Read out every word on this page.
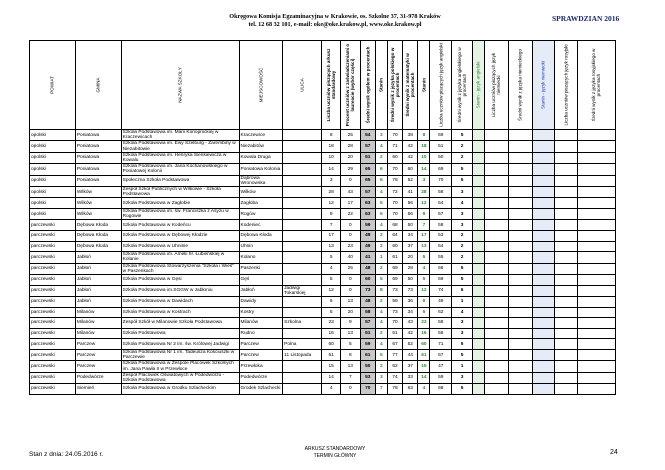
Okręgowa Komisja Egzaminacyjna w Krakowie, os. Szkolne 37, 31-978 Kraków
tel. 12 68 32 101, e-mail: oke@oke.krakow.pl, www.oke.krakow.pl
SPRAWDZIAN 2016
POWIAT	GMINA	NAZWA SZKOŁY	MIEJSCOWOŚĆ	ULICA	Liczba uczniów piszących arkusz standardowy	Procent uczniów z zaświadczeniami o laureacie (wybór części)	Średni wynik ogółem w procentach	Stanin	Średni wynik z języka polskiego w procentach	Średni wynik z matematyki w procentach	Stanin	Liczba uczniów piszących język angielski	Średni wynik z języka angielskiego w procentach	Stanin - język angielski	Liczba uczniów piszących język niemiecki	Średni wynik z języka niemieckiego	Stanin - język niemiecki	Liczba uczniów piszących język rosyjski	Średni wynik z języka rosyjskiego w procentach

opolski	Poniatowa	Szkoła Podstawowa im. Marii Konopnickiej w Kraczewicach	Kraczewice		8	25	54	3	70	38	8	69	5						
opolski	Poniatowa	Szkoła Podstawowa im. Ewy Szelburg - Zarembiny w Niezabitowie	Niezabitów		18	28	57	4	71	42	18	51	2						
opolski	Poniatowa	Szkoła Podstawowa im. Henryka Sienkiewicza w Kowalu	Kowala Druga		10	20	51	2	60	42	10	50	2						
opolski	Poniatowa	Szkoła Podstawowa im. Jana Kochanowskiego w Poniatowej Kolonii	Poniatowa Kolonia		14	29	65	6	70	60	14	69	5						
opolski	Poniatowa	Społeczna Szkoła Podstawowa	Dąbrowa Wronowska		3	0	65	6	78	52	3	70	5						
opolski	Wilków	Zespół Szkół Publicznych w Wilkowie - Szkoła Podstawowa	Wilków		28	43	57	4	72	41	28	58	3						
opolski	Wilków	Szkoła Podstawowa w Zagłobie	Zagłoba		12	17	63	5	70	56	12	64	4						
opolski	Wilków	Szkoła Podstawowa im. św. Franciszka z Asyżu w Rogowie	Rogów		9	22	63	5	70	56	9	57	3						
parczewski	Dębowa Kłoda	Szkoła Podstawowa w Kodeńcu	Kodeniec		7	0	59	4	68	50	7	58	3						
parczewski	Dębowa Kłoda	Szkoła Podstawowa w Dębowej Kłodzie	Dębowa Kłoda		17	0	49	2	64	34	17	53	2						
parczewski	Dębowa Kłoda	Szkoła Podstawowa w Uhninie	Uhnin		13	23	49	2	60	37	13	54	2						
parczewski	Jabłoń	Szkoła Podstawowa im. Amelii hr. Łubieńskiej w Kolanie	Kolano		5	40	41	1	61	20	5	55	2						
parczewski	Jabłoń	Szkoła Podstawowa Stowarzyszenia "Szkoła i Wieś" w Paszenkach	Paszenki		4	25	48	2	69	28	4	66	5						
parczewski	Jabłoń	Szkoła Podstawowa w Gęsi	Gęś		5	0	60	5	69	50	5	69	5						
parczewski	Jabłoń	Szkoła Podstawowa im.SGGW w Jabłoniu	Jabłoń	Jadwigi Tokarskiej	12	0	73	8	73	73	12	74	6						
parczewski	Jabłoń	Szkoła Podstawowa w Dawidach	Dawidy		6	13	48	2	59	36	6	49	1						
parczewski	Milanów	Szkoła Podstawowa w Kostrach	Kostry		5	20	58	4	73	34	5	62	4						
parczewski	Milanów	Zespół Szkół w Milanowie Szkoła Podstawowa	Milanów	Szkolna	23	9	57	4	70	43	23	58	3						
parczewski	Milanów	Szkoła Podstawowa	Rudno		16	13	51	2	61	42	16	55	3						
parczewski	Parczew	Szkoła Podstawowa Nr 2 im. św. Królowej Jadwigi	Parczew	Polna	60	5	59	4	67	52	60	71	5						
parczewski	Parczew	Szkoła Podstawowa Nr 1 im. Tadeusza Kościuszki w Parczewie	Parczew	11 Listopada	61	8	61	5	77	44	61	67	5						
parczewski	Parczew	Szkoła Podstawowa w Zespole Placówek Szkolnych im. Jana Pawła II w Przewłoce	Przewłoka		15	13	50	2	62	37	15	47	1						
parczewski	Podedwórze	Zespół Placówek Oświatowych w Podedwórzu - Szkoła Podstawowa	Podedwórze		14	7	53	3	74	33	14	59	3						
parczewski	Siemień	Szkoła Podstawowa w Grodku Szlacheckim	Grodek Szlachecki		4	0	70	7	78	63	4	68	5						
Stan z dnia: 24.05.2016 r.
ARKUSZ STANDARDOWY
TERMIN GŁÓWNY	24
